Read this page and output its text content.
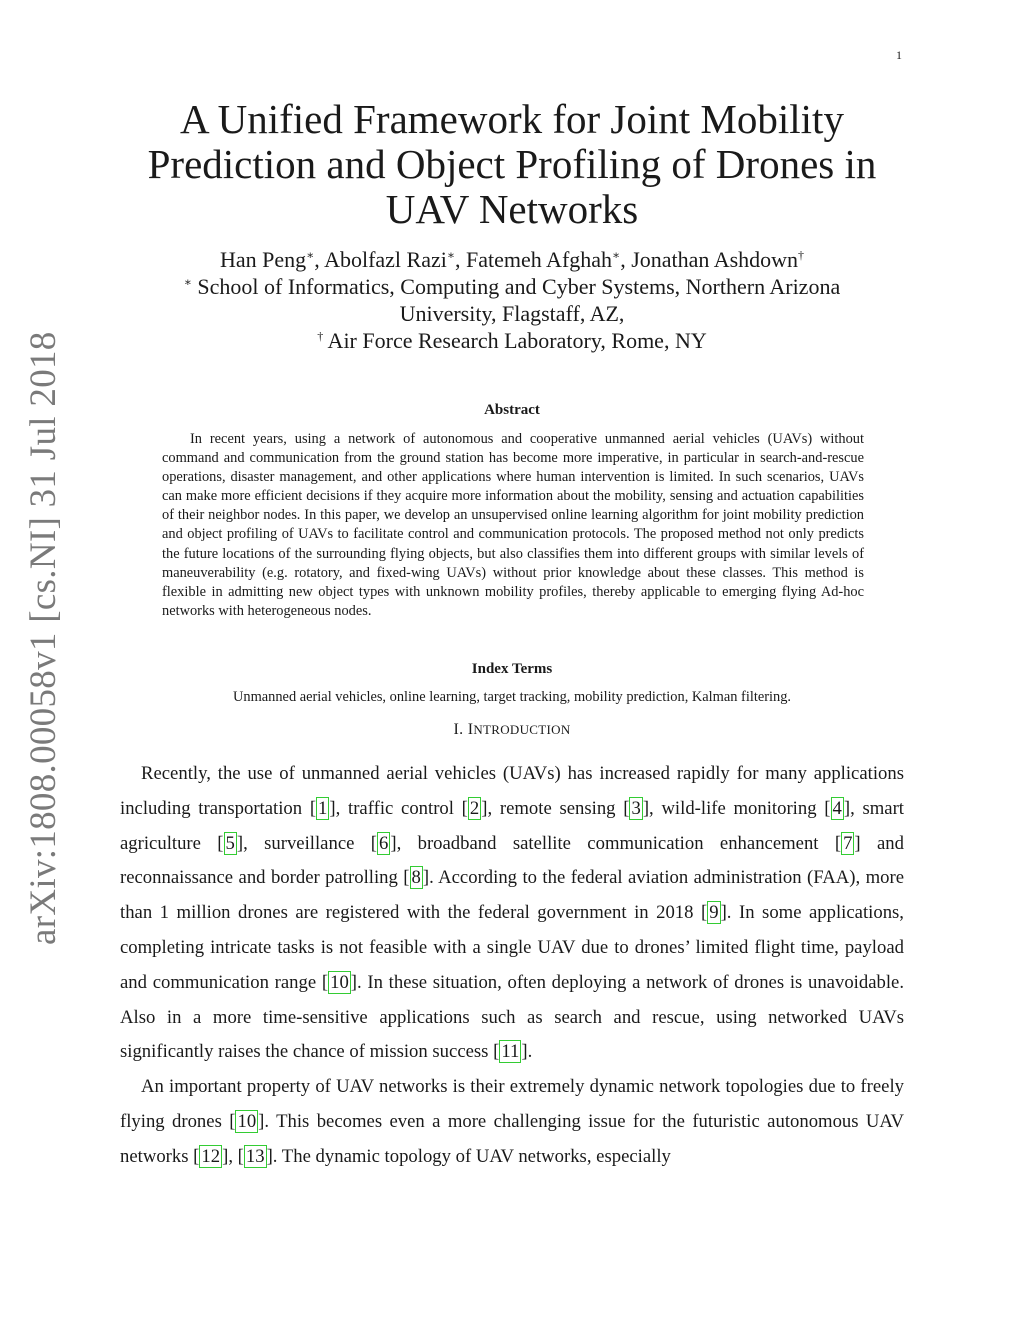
1
arXiv:1808.00058v1 [cs.NI] 31 Jul 2018
A Unified Framework for Joint Mobility
Prediction and Object Profiling of Drones in
UAV Networks
Han Peng∗, Abolfazl Razi∗, Fatemeh Afghah∗, Jonathan Ashdown†
∗ School of Informatics, Computing and Cyber Systems, Northern Arizona
University, Flagstaff, AZ,
† Air Force Research Laboratory, Rome, NY
Abstract
In recent years, using a network of autonomous and cooperative unmanned aerial vehicles (UAVs) without command and communication from the ground station has become more imperative, in particular in search-and-rescue operations, disaster management, and other applications where human intervention is limited. In such scenarios, UAVs can make more efficient decisions if they acquire more information about the mobility, sensing and actuation capabilities of their neighbor nodes. In this paper, we develop an unsupervised online learning algorithm for joint mobility prediction and object profiling of UAVs to facilitate control and communication protocols. The proposed method not only predicts the future locations of the surrounding flying objects, but also classifies them into different groups with similar levels of maneuverability (e.g. rotatory, and fixed-wing UAVs) without prior knowledge about these classes. This method is flexible in admitting new object types with unknown mobility profiles, thereby applicable to emerging flying Ad-hoc networks with heterogeneous nodes.
Index Terms
Unmanned aerial vehicles, online learning, target tracking, mobility prediction, Kalman filtering.
I. INTRODUCTION

Recently, the use of unmanned aerial vehicles (UAVs) has increased rapidly for many applications including transportation [ 1 ], traffic control [ 2 ], remote sensing [ 3 ], wild-life monitoring [ 4 ], smart agriculture [ 5 ], surveillance [ 6 ], broadband satellite communication enhancement [ 7 ] and reconnaissance and border patrolling [ 8 ]. According to the federal aviation administration (FAA), more than 1 million drones are registered with the federal government in 2018 [ 9 ]. In some applications, completing intricate tasks is not feasible with a single UAV due to drones’ limited flight time, payload and communication range [ 10 ]. In these situation, often deploying a network of drones is unavoidable. Also in a more time-sensitive applications such as search and rescue, using networked UAVs significantly raises the chance of mission success [ 11 ].

An important property of UAV networks is their extremely dynamic network topologies due to freely flying drones [ 10 ]. This becomes even a more challenging issue for the futuristic autonomous UAV networks [ 12 ], [ 13 ]. The dynamic topology of UAV networks, especially
